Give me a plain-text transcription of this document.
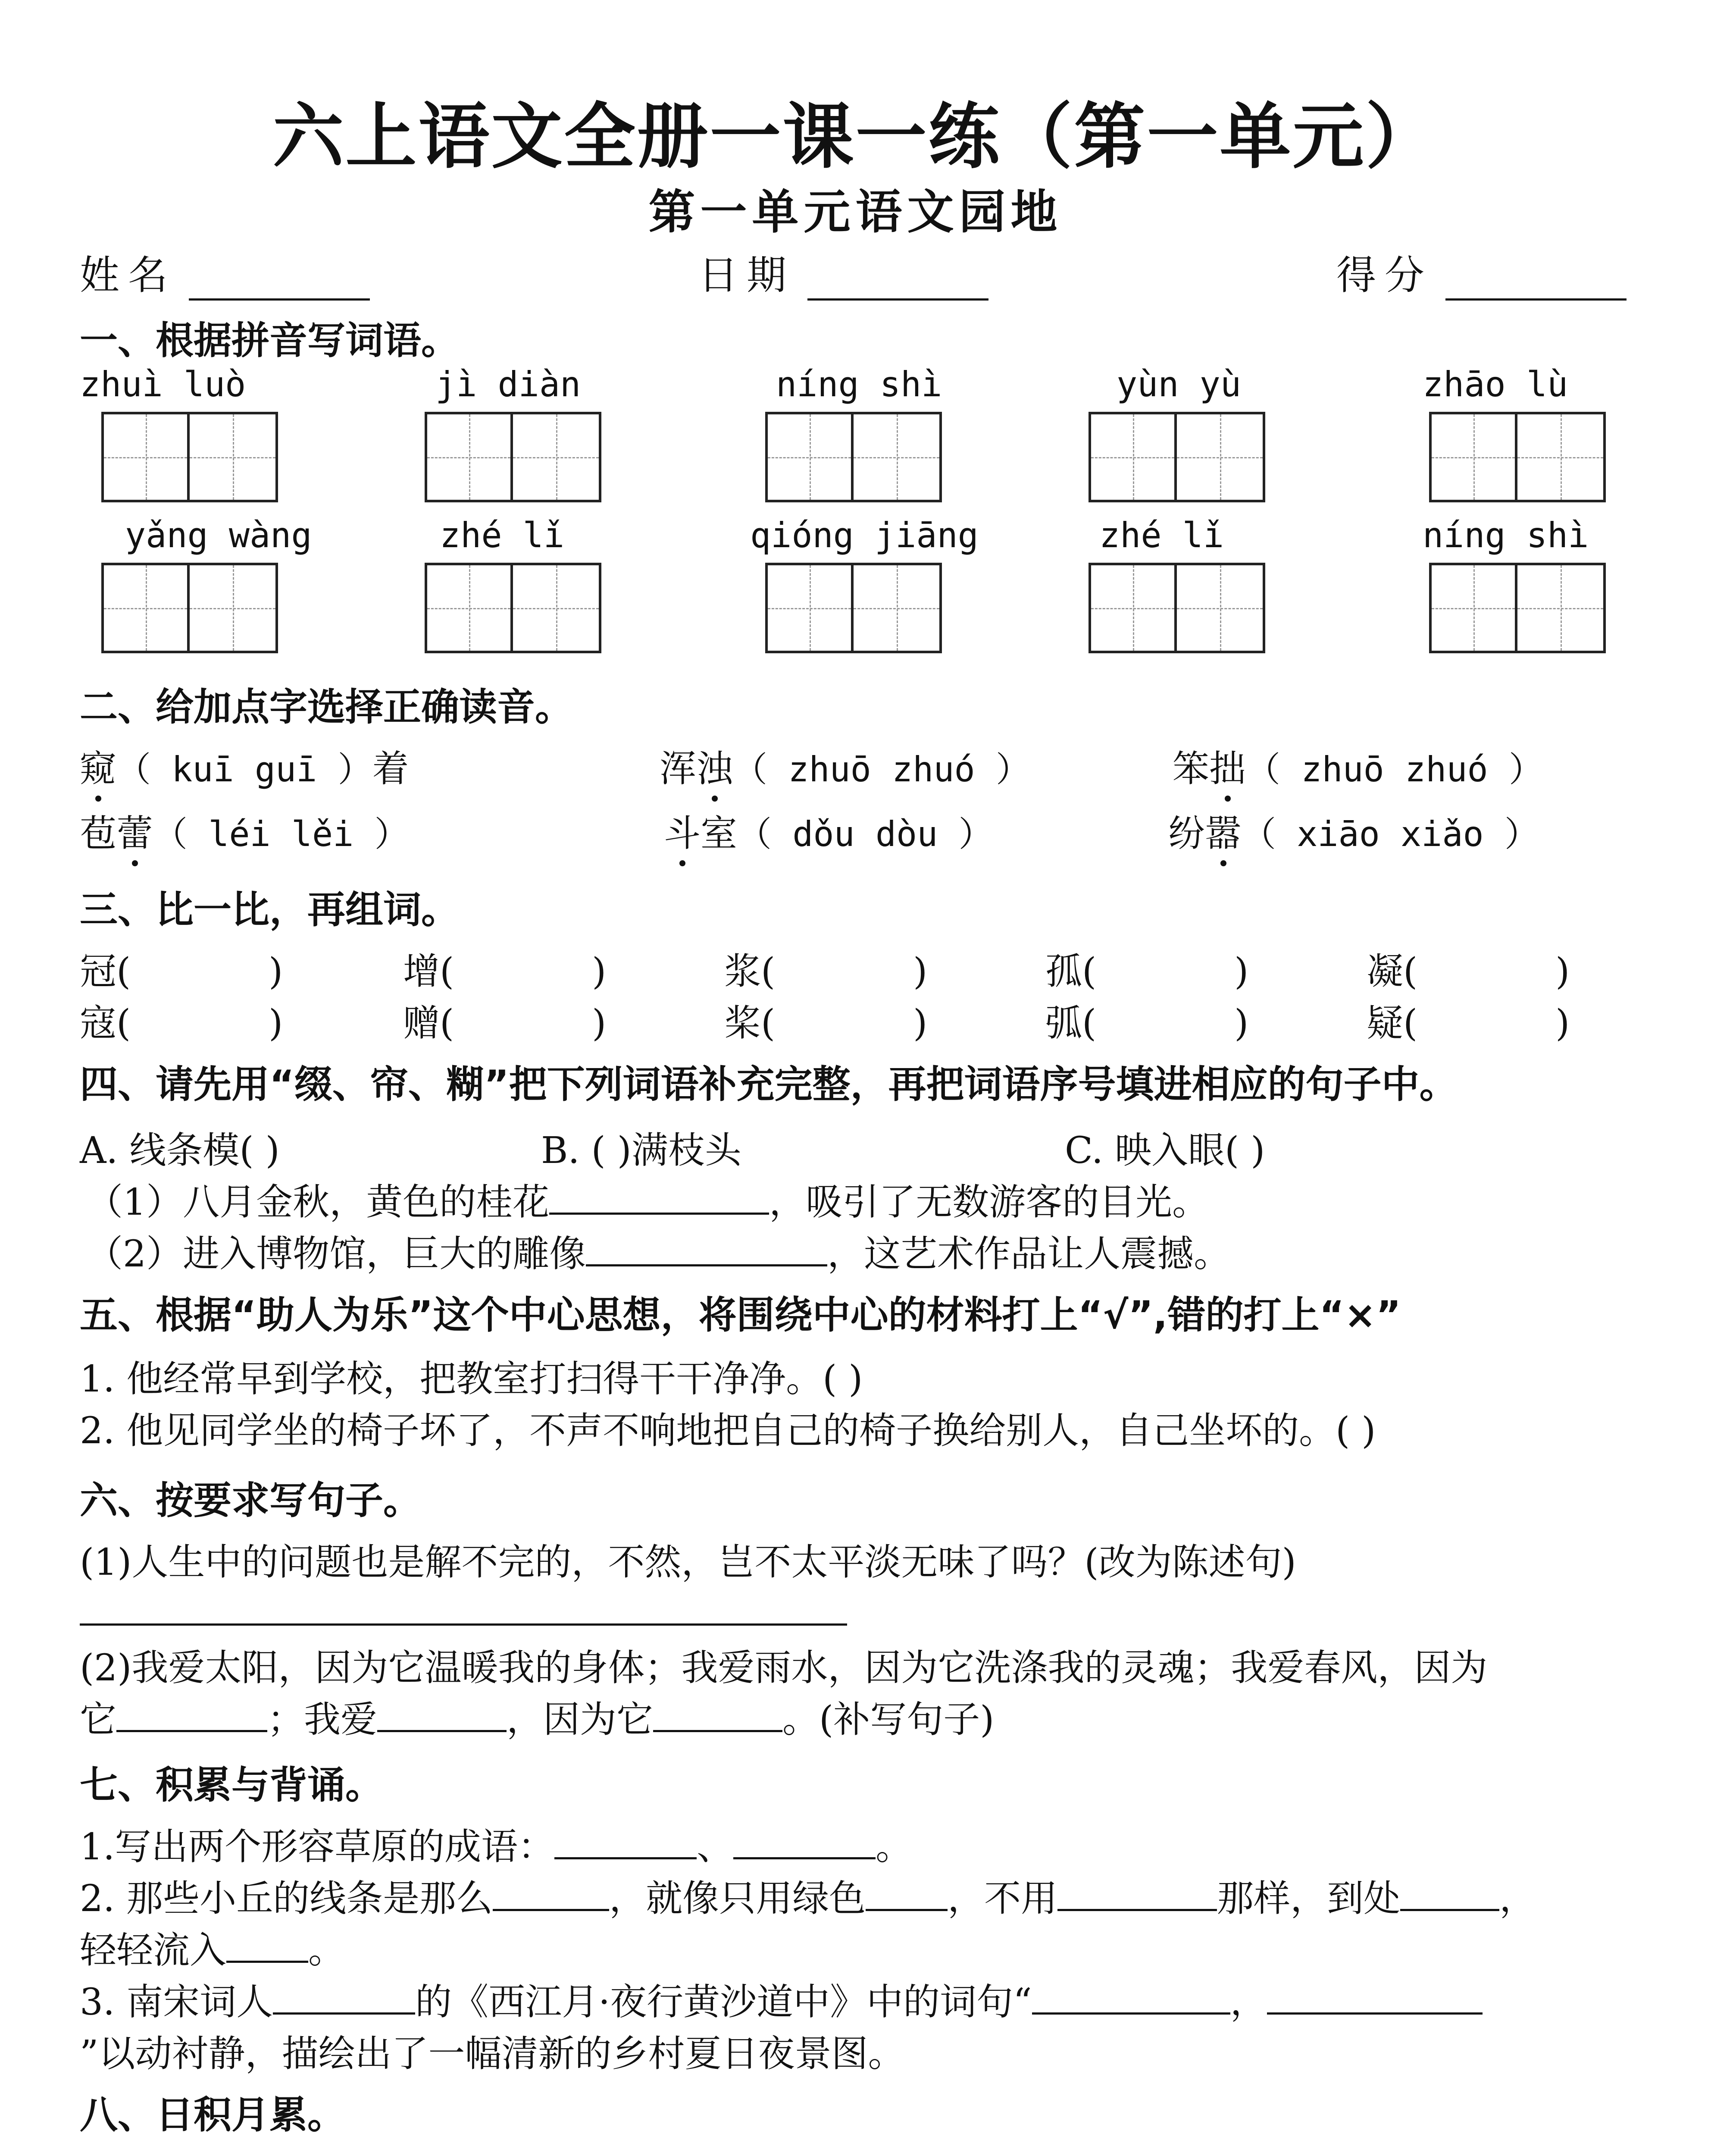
六上语文全册一课一练（第一单元）
第一单元语文园地
姓名	日期	得分
一、根据拼音写词语。
zhuì luò	jì diàn	níng shì	yùn yù	zhāo lù
yǎng wàng	zhé lǐ	qióng jiāng	zhé lǐ	níng shì
二、给加点字选择正确读音。
窥（ kuī guī ）着	浑浊（ zhuō zhuó ）	笨拙（ zhuō zhuó ）
苞蕾（ léi lěi ）	斗室（ dǒu dòu ）	纷嚣（ xiāo xiǎo ）
三、比一比，再组词。
冠(	)	增(	)	浆(	)	孤(	)	凝(	)
寇(	)	赠(	)	桨(	)	弧(	)	疑(	)
四、请先用“缀、帘、糊”把下列词语补充完整，再把词语序号填进相应的句子中。
A. 线条模( )	B. ( )满枝头	C. 映入眼( )
（1）八月金秋，黄色的桂花	，吸引了无数游客的目光。
（2）进入博物馆，巨大的雕像	，这艺术作品让人震撼。
五、根据“助人为乐”这个中心思想，将围绕中心的材料打上“√”,错的打上“×”
1. 他经常早到学校，把教室打扫得干干净净。( )
2. 他见同学坐的椅子坏了，不声不响地把自己的椅子换给别人，自己坐坏的。( )
六、按要求写句子。
(1)人生中的问题也是解不完的，不然，岂不太平淡无味了吗？(改为陈述句)
(2)我爱太阳，因为它温暖我的身体；我爱雨水，因为它洗涤我的灵魂；我爱春风，因为
它	；我爱	，因为它	。(补写句子)
七、积累与背诵。
1.写出两个形容草原的成语：	、	。
2. 那些小丘的线条是那么	，就像只用绿色 ，不用	那样，到处	，
轻轻流入 。
3. 南宋词人	的《西江月·夜行黄沙道中》中的词句“	，
”以动衬静，描绘出了一幅清新的乡村夏日夜景图。
八、日积月累。
